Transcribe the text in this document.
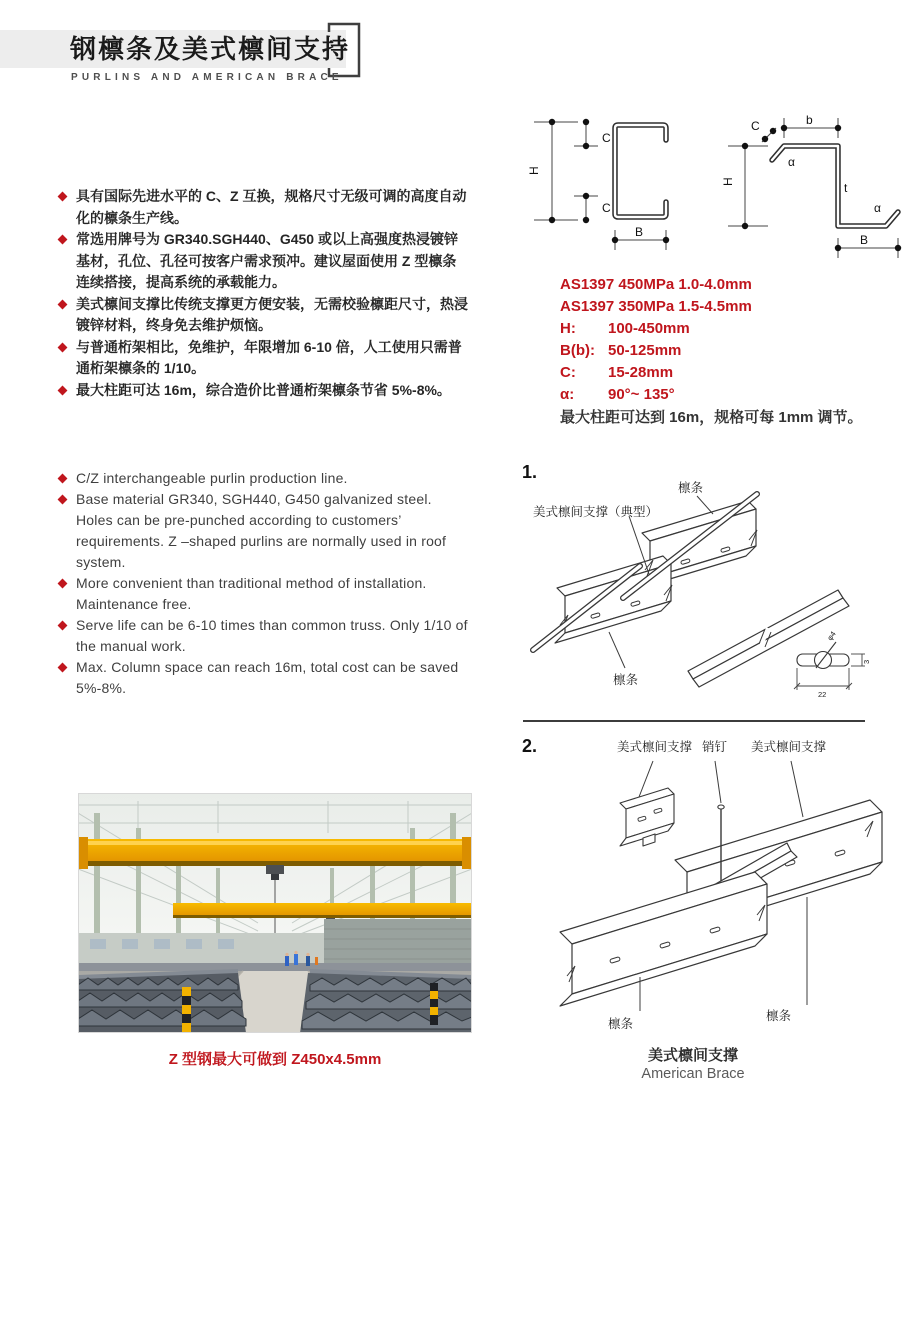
钢檩条及美式檩间支持
PURLINS AND AMERICAN BRACE
具有国际先进水平的 C、Z 互换，规格尺寸无级可调的高度自动化的檩条生产线。
常选用牌号为 GR340.SGH440、G450 或以上高强度热浸镀锌基材，孔位、孔径可按客户需求预冲。建议屋面使用 Z 型檩条连续搭接，提高系统的承载能力。
美式檩间支撑比传统支撑更方便安装，无需校验檩距尺寸，热浸镀锌材料，终身免去维护烦恼。
与普通桁架相比，免维护，年限增加 6-10 倍，人工使用只需普通桁架檩条的 1/10。
最大柱距可达 16m，综合造价比普通桁架檩条节省 5%-8%。
C/Z interchangeable purlin production line.
Base material GR340, SGH440, G450 galvanized steel. Holes can be pre-punched according to customers’ requirements. Z –shaped purlins are normally used in roof system.
More convenient than traditional method of installation. Maintenance free.
Serve life can be 6-10 times than common truss. Only 1/10 of the manual work.
Max. Column space can reach 16m, total cost can be saved 5%-8%.
H
C
C
B
H
b
C
α
t
α
B
AS1397 450MPa 1.0-4.0mm
AS1397 350MPa 1.5-4.5mm
H:	100-450mm
B(b): 50-125mm
C:	15-28mm
α:	90°~ 135°
最大柱距可达到 16m，规格可每 1mm 调节。
1.
φ4
3
22
檩条
美式檩间支撑（典型）
檩条
2.	美式檩间支撑 销钉 美式檩间支撑
檩条
檩条
美式檩间支撑
American Brace
Z 型钢最大可做到 Z450x4.5mm
